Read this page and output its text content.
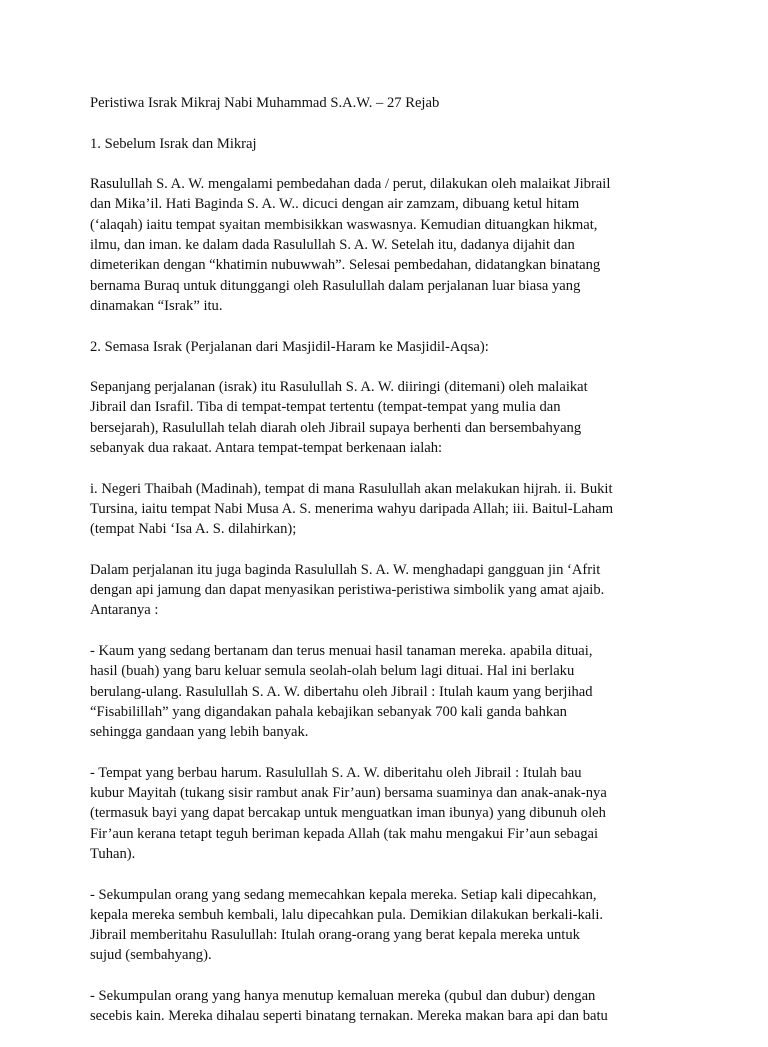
Peristiwa Israk Mikraj Nabi Muhammad S.A.W. – 27 Rejab

1. Sebelum Israk dan Mikraj

Rasulullah S. A. W. mengalami pembedahan dada / perut, dilakukan oleh malaikat Jibrail
dan Mika’il. Hati Baginda S. A. W.. dicuci dengan air zamzam, dibuang ketul hitam
(‘alaqah) iaitu tempat syaitan membisikkan waswasnya. Kemudian dituangkan hikmat,
ilmu, dan iman. ke dalam dada Rasulullah S. A. W. Setelah itu, dadanya dijahit dan
dimeterikan dengan “khatimin nubuwwah”. Selesai pembedahan, didatangkan binatang
bernama Buraq untuk ditunggangi oleh Rasulullah dalam perjalanan luar biasa yang
dinamakan “Israk” itu.

2. Semasa Israk (Perjalanan dari Masjidil-Haram ke Masjidil-Aqsa):

Sepanjang perjalanan (israk) itu Rasulullah S. A. W. diiringi (ditemani) oleh malaikat
Jibrail dan Israfil. Tiba di tempat-tempat tertentu (tempat-tempat yang mulia dan
bersejarah), Rasulullah telah diarah oleh Jibrail supaya berhenti dan bersembahyang
sebanyak dua rakaat. Antara tempat-tempat berkenaan ialah:

i. Negeri Thaibah (Madinah), tempat di mana Rasulullah akan melakukan hijrah. ii. Bukit
Tursina, iaitu tempat Nabi Musa A. S. menerima wahyu daripada Allah; iii. Baitul-Laham
(tempat Nabi ‘Isa A. S. dilahirkan);

Dalam perjalanan itu juga baginda Rasulullah S. A. W. menghadapi gangguan jin ‘Afrit
dengan api jamung dan dapat menyasikan peristiwa-peristiwa simbolik yang amat ajaib.
Antaranya :

- Kaum yang sedang bertanam dan terus menuai hasil tanaman mereka. apabila dituai,
hasil (buah) yang baru keluar semula seolah-olah belum lagi dituai. Hal ini berlaku
berulang-ulang. Rasulullah S. A. W. dibertahu oleh Jibrail : Itulah kaum yang berjihad
“Fisabilillah” yang digandakan pahala kebajikan sebanyak 700 kali ganda bahkan
sehingga gandaan yang lebih banyak.

- Tempat yang berbau harum. Rasulullah S. A. W. diberitahu oleh Jibrail : Itulah bau
kubur Mayitah (tukang sisir rambut anak Fir’aun) bersama suaminya dan anak-anak-nya
(termasuk bayi yang dapat bercakap untuk menguatkan iman ibunya) yang dibunuh oleh
Fir’aun kerana tetapt teguh beriman kepada Allah (tak mahu mengakui Fir’aun sebagai
Tuhan).

- Sekumpulan orang yang sedang memecahkan kepala mereka. Setiap kali dipecahkan,
kepala mereka sembuh kembali, lalu dipecahkan pula. Demikian dilakukan berkali-kali.
Jibrail memberitahu Rasulullah: Itulah orang-orang yang berat kepala mereka untuk
sujud (sembahyang).

- Sekumpulan orang yang hanya menutup kemaluan mereka (qubul dan dubur) dengan
secebis kain. Mereka dihalau seperti binatang ternakan. Mereka makan bara api dan batu
